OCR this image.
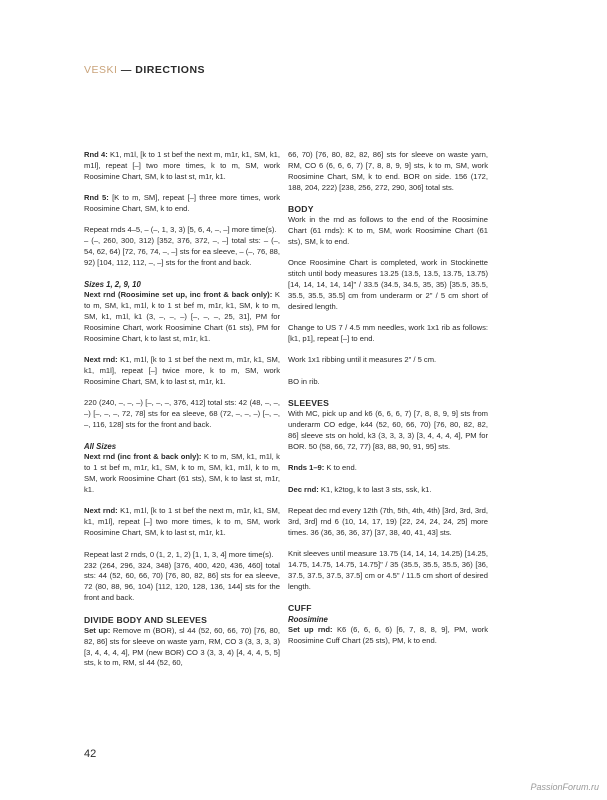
VESKI — DIRECTIONS

Rnd 4: K1, m1l, [k to 1 st bef the next m, m1r, k1, SM, k1, m1l], repeat [–] two more times, k to m, SM, work Roosimine Chart, SM, k to last st, m1r, k1.

Rnd 5: [K to m, SM], repeat [–] three more times, work Roosimine Chart, SM, k to end.

Repeat rnds 4–5, – (–, 1, 3, 3) [5, 6, 4, –, –] more time(s).

– (–, 260, 300, 312) [352, 376, 372, –, –] total sts: – (–, 54, 62, 64) [72, 76, 74, –, –] sts for ea sleeve, – (–, 76, 88, 92) [104, 112, 112, –, –] sts for the front and back.

Sizes 1, 2, 9, 10

Next rnd (Roosimine set up, inc front & back only): K to m, SM, k1, m1l, k to 1 st bef m, m1r, k1, SM, k to m, SM, k1, m1l, k1 (3, –, –, –) [–, –, –, 25, 31], PM for Roosimine Chart, work Roosimine Chart (61 sts), PM for Roosimine Chart, k to last st, m1r, k1.

Next rnd: K1, m1l, [k to 1 st bef the next m, m1r, k1, SM, k1, m1l], repeat [–] twice more, k to m, SM, work Roosimine Chart, SM, k to last st, m1r, k1.

220 (240, –, –, –) [–, –, –, 376, 412] total sts: 42 (48, –, –, –) [–, –, –, 72, 78] sts for ea sleeve, 68 (72, –, –, –) [–, –, –, 116, 128] sts for the front and back.

All Sizes

Next rnd (inc front & back only): K to m, SM, k1, m1l, k to 1 st bef m, m1r, k1, SM, k to m, SM, k1, m1l, k to m, SM, work Roosimine Chart (61 sts), SM, k to last st, m1r, k1.

Next rnd: K1, m1l, [k to 1 st bef the next m, m1r, k1, SM, k1, m1l], repeat [–] two more times, k to m, SM, work Roosimine Chart, SM, k to last st, m1r, k1.

Repeat last 2 rnds, 0 (1, 2, 1, 2) [1, 1, 3, 4] more time(s).

232 (264, 296, 324, 348) [376, 400, 420, 436, 460] total sts: 44 (52, 60, 66, 70) [76, 80, 82, 86] sts for ea sleeve, 72 (80, 88, 96, 104) [112, 120, 128, 136, 144] sts for the front and back.

DIVIDE BODY AND SLEEVES

Set up: Remove m (BOR), sl 44 (52, 60, 66, 70) [76, 80, 82, 86] sts for sleeve on waste yarn, RM, CO 3 (3, 3, 3, 3) [3, 4, 4, 4, 4], PM (new BOR) CO 3 (3, 3, 4) [4, 4, 4, 5, 5] sts, k to m, RM, sl 44 (52, 60,

66, 70) [76, 80, 82, 82, 86] sts for sleeve on waste yarn, RM, CO 6 (6, 6, 6, 7) [7, 8, 8, 9, 9] sts, k to m, SM, work Roosimine Chart, SM, k to end. BOR on side. 156 (172, 188, 204, 222) [238, 256, 272, 290, 306] total sts.

BODY

Work in the rnd as follows to the end of the Roosimine Chart (61 rnds): K to m, SM, work Roosimine Chart (61 sts), SM, k to end.

Once Roosimine Chart is completed, work in Stockinette stitch until body measures 13.25 (13.5, 13.5, 13.75, 13.75) [14, 14, 14, 14, 14]" / 33.5 (34.5, 34.5, 35, 35) [35.5, 35.5, 35.5, 35.5, 35.5] cm from underarm or 2" / 5 cm short of desired length.

Change to US 7 / 4.5 mm needles, work 1x1 rib as follows: [k1, p1], repeat [–] to end.

Work 1x1 ribbing until it measures 2" / 5 cm.

BO in rib.

SLEEVES

With MC, pick up and k6 (6, 6, 6, 7) [7, 8, 8, 9, 9] sts from underarm CO edge, k44 (52, 60, 66, 70) [76, 80, 82, 82, 86] sleeve sts on hold, k3 (3, 3, 3, 3) [3, 4, 4, 4, 4], PM for BOR. 50 (58, 66, 72, 77) [83, 88, 90, 91, 95] sts.

Rnds 1–9: K to end.

Dec rnd: K1, k2tog, k to last 3 sts, ssk, k1.

Repeat dec rnd every 12th (7th, 5th, 4th, 4th) [3rd, 3rd, 3rd, 3rd, 3rd] rnd 6 (10, 14, 17, 19) [22, 24, 24, 24, 25] more times. 36 (36, 36, 36, 37) [37, 38, 40, 41, 43] sts.

Knit sleeves until measure 13.75 (14, 14, 14, 14.25) [14.25, 14.75, 14.75, 14.75, 14.75]" / 35 (35.5, 35.5, 35.5, 36) [36, 37.5, 37.5, 37.5, 37.5] cm or 4.5" / 11.5 cm short of desired length.

CUFF
Roosimine

Set up rnd: K6 (6, 6, 6, 6) [6, 7, 8, 8, 9], PM, work Roosimine Cuff Chart (25 sts), PM, k to end.

42
PassionForum.ru
